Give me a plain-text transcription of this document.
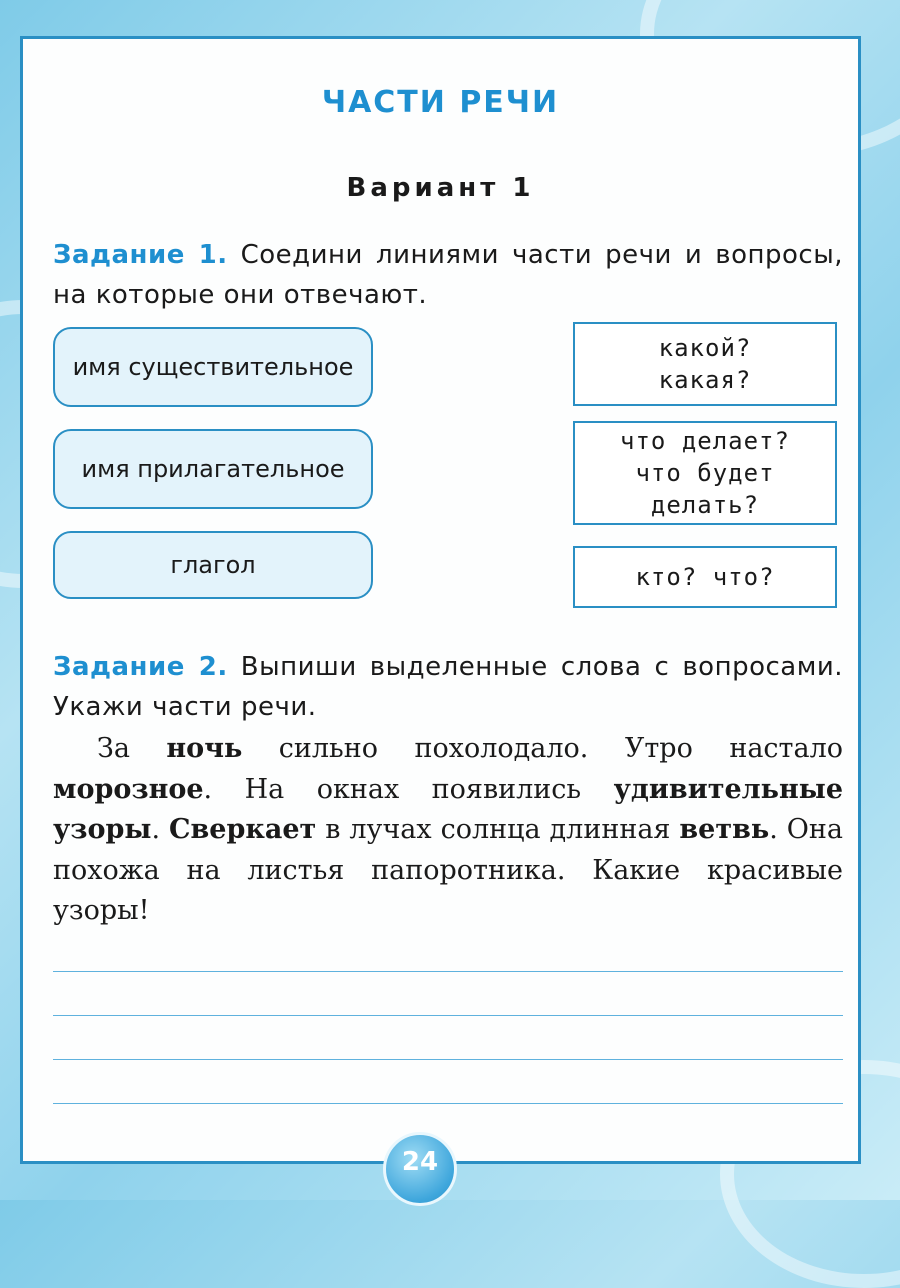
ЧАСТИ РЕЧИ
Вариант 1
Задание 1. Соедини линиями части речи и вопросы, на которые они отвечают.
имя существительное
имя прилагательное
глагол
какой?
какая?
что делает?
что будет
делать?
кто? что?
Задание 2. Выпиши выделенные слова с вопросами. Укажи части речи.
За ночь сильно похолодало. Утро настало морозное. На окнах появились удивительные узоры. Сверкает в лучах солнца длинная ветвь. Она похожа на листья папоротника. Какие красивые узоры!
24
